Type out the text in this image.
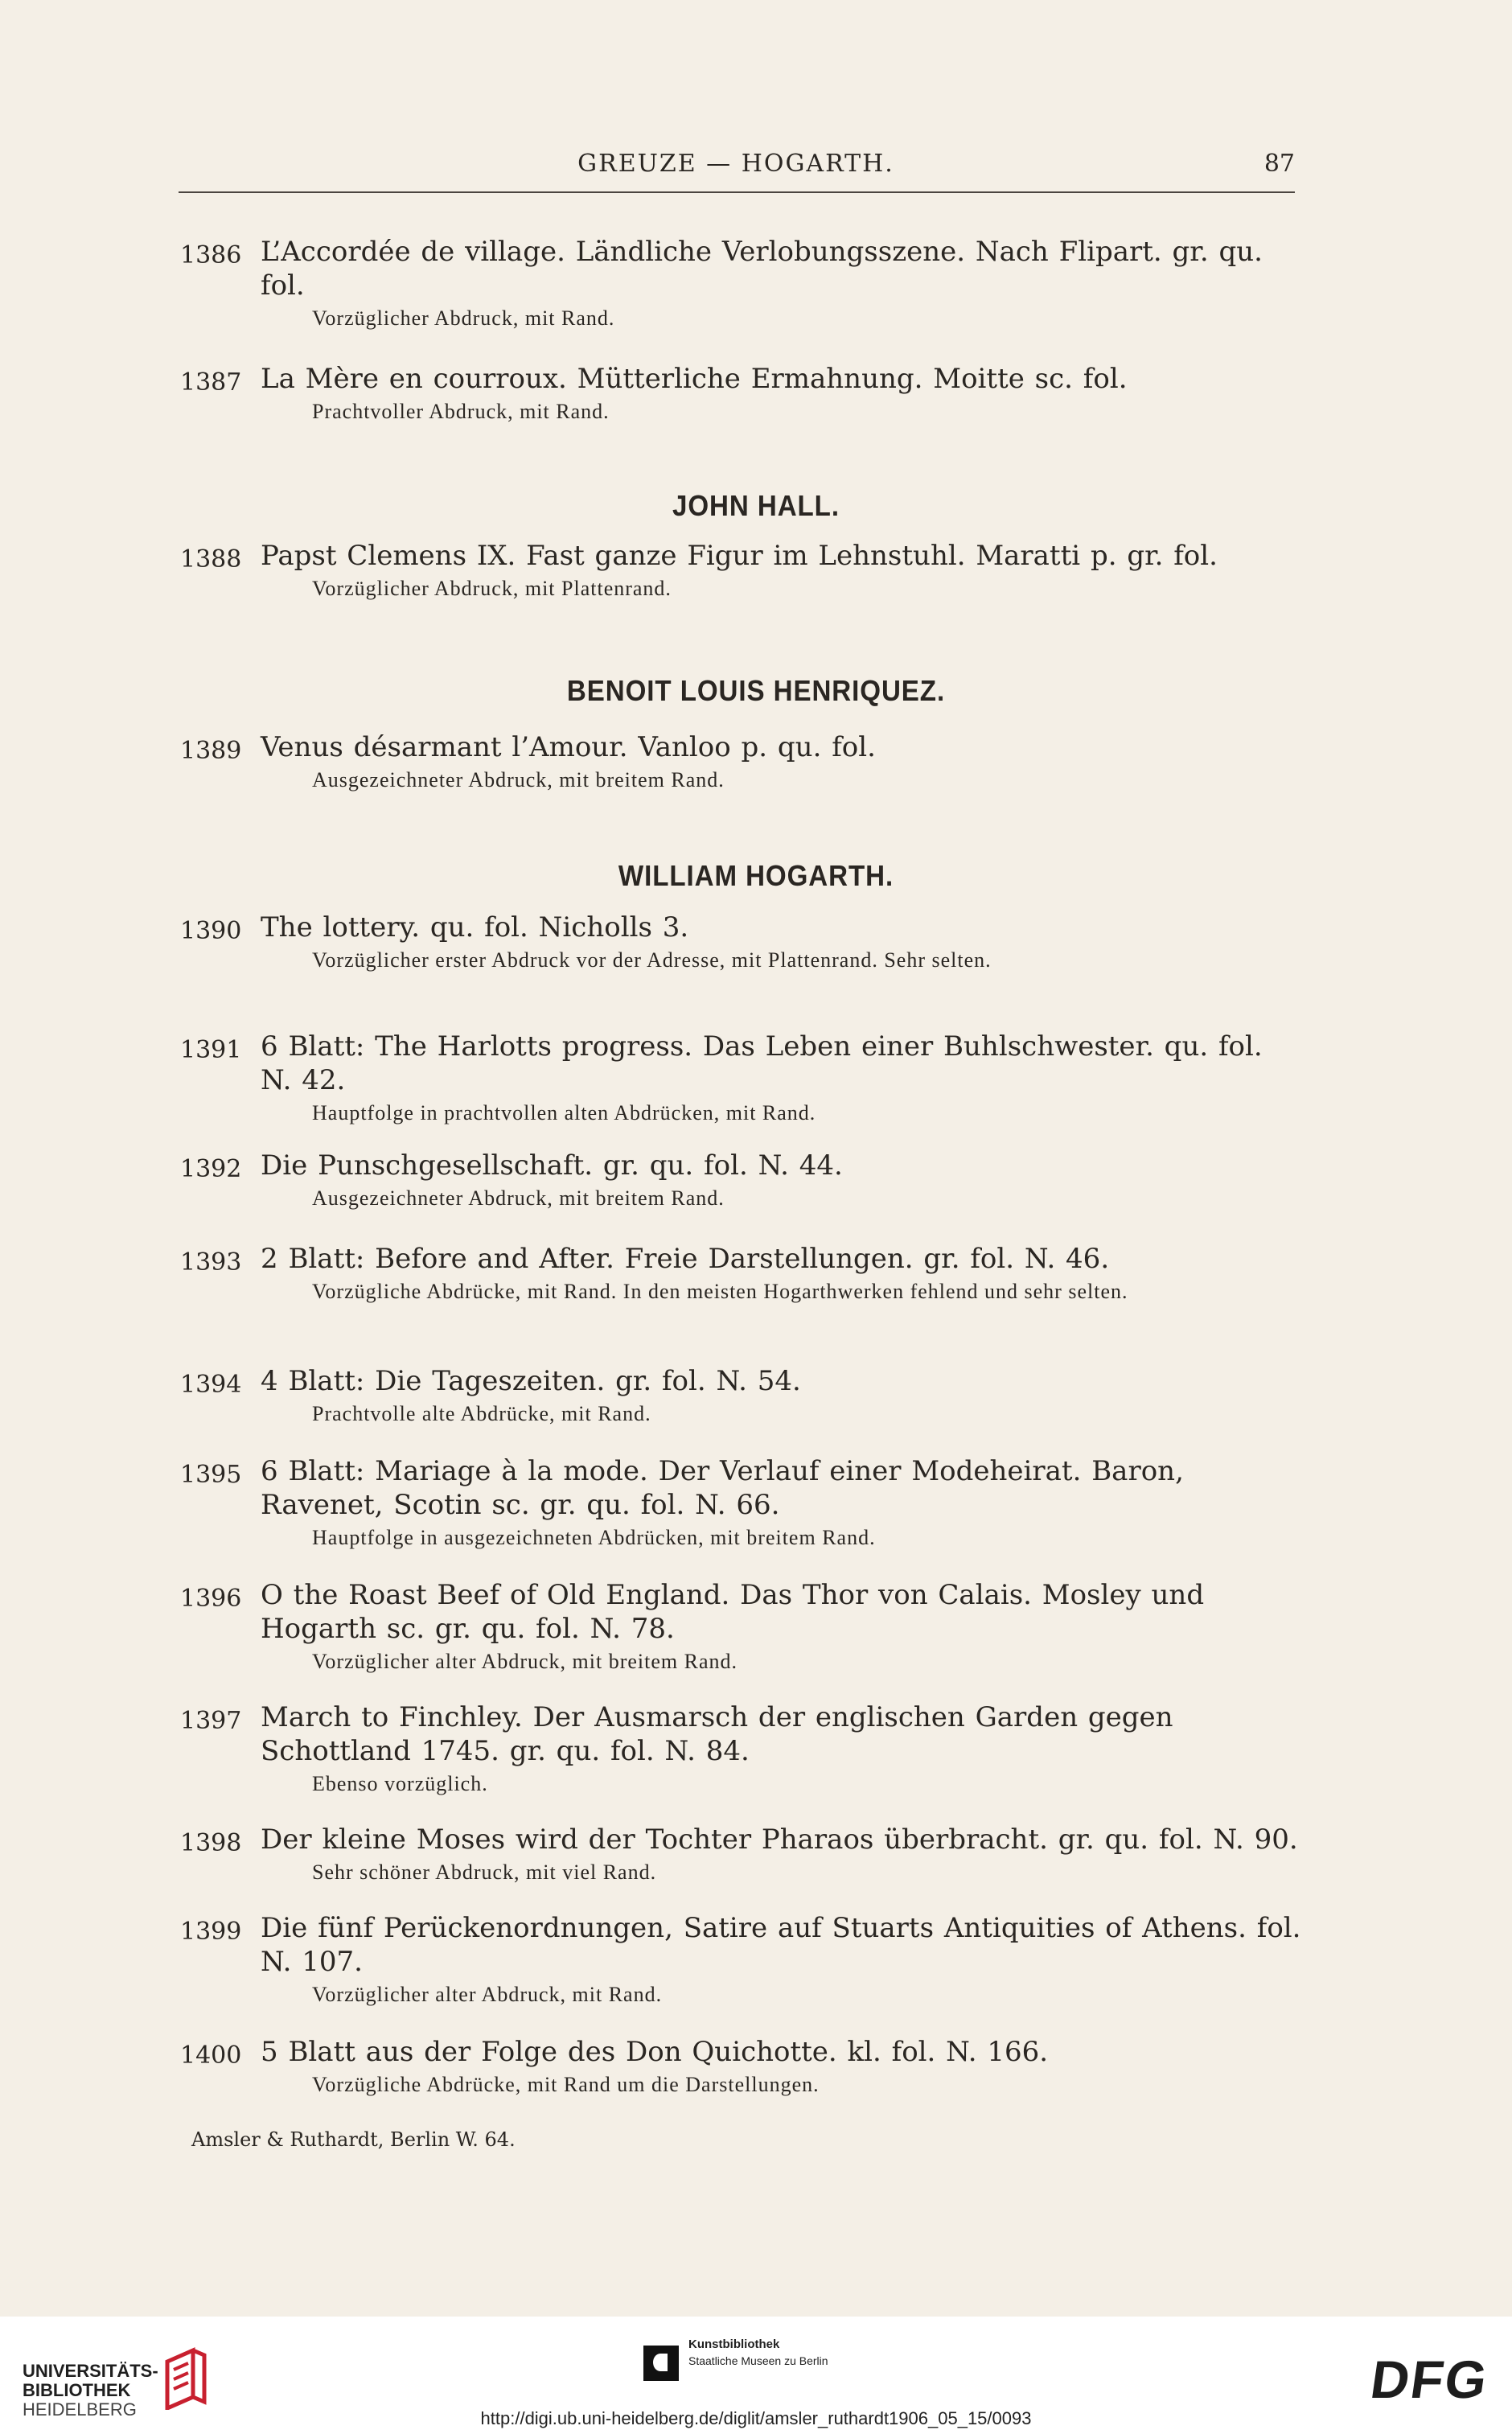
GREUZE — HOGARTH.	87
1386 L’Accordée de village. Ländliche Verlobungsszene. Nach Flipart. gr. qu. fol.
Vorzüglicher Abdruck, mit Rand.
1387 La Mère en courroux. Mütterliche Ermahnung. Moitte sc. fol.
Prachtvoller Abdruck, mit Rand.
JOHN HALL.
1388 Papst Clemens IX. Fast ganze Figur im Lehnstuhl. Maratti p. gr. fol.
Vorzüglicher Abdruck, mit Plattenrand.
BENOIT LOUIS HENRIQUEZ.
1389 Venus désarmant l’Amour. Vanloo p. qu. fol.
Ausgezeichneter Abdruck, mit breitem Rand.
WILLIAM HOGARTH.
1390 The lottery. qu. fol. Nicholls 3.
Vorzüglicher erster Abdruck vor der Adresse, mit Plattenrand. Sehr selten.
1391 6 Blatt: The Harlotts progress. Das Leben einer Buhlschwester. qu. fol. N. 42.
Hauptfolge in prachtvollen alten Abdrücken, mit Rand.
1392 Die Punschgesellschaft. gr. qu. fol. N. 44.
Ausgezeichneter Abdruck, mit breitem Rand.
1393 2 Blatt: Before and After. Freie Darstellungen. gr. fol. N. 46.
Vorzügliche Abdrücke, mit Rand. In den meisten Hogarthwerken fehlend und sehr selten.
1394 4 Blatt: Die Tageszeiten. gr. fol. N. 54.
Prachtvolle alte Abdrücke, mit Rand.
1395 6 Blatt: Mariage à la mode. Der Verlauf einer Modeheirat. Baron, Ravenet, Scotin sc. gr. qu. fol. N. 66.
Hauptfolge in ausgezeichneten Abdrücken, mit breitem Rand.
1396 O the Roast Beef of Old England. Das Thor von Calais. Mosley und Hogarth sc. gr. qu. fol. N. 78.
Vorzüglicher alter Abdruck, mit breitem Rand.
1397 March to Finchley. Der Ausmarsch der englischen Garden gegen Schottland 1745. gr. qu. fol. N. 84.
Ebenso vorzüglich.
1398 Der kleine Moses wird der Tochter Pharaos überbracht. gr. qu. fol. N. 90.
Sehr schöner Abdruck, mit viel Rand.
1399 Die fünf Perückenordnungen, Satire auf Stuarts Antiquities of Athens. fol. N. 107.
Vorzüglicher alter Abdruck, mit Rand.
1400 5 Blatt aus der Folge des Don Quichotte. kl. fol. N. 166.
Vorzügliche Abdrücke, mit Rand um die Darstellungen.
Amsler & Ruthardt, Berlin W. 64.
UNIVERSITÄTS-
BIBLIOTHEK
HEIDELBERG
Kunstbibliothek
Staatliche Museen zu Berlin	DFG
http://digi.ub.uni-heidelberg.de/diglit/amsler_ruthardt1906_05_15/0093
